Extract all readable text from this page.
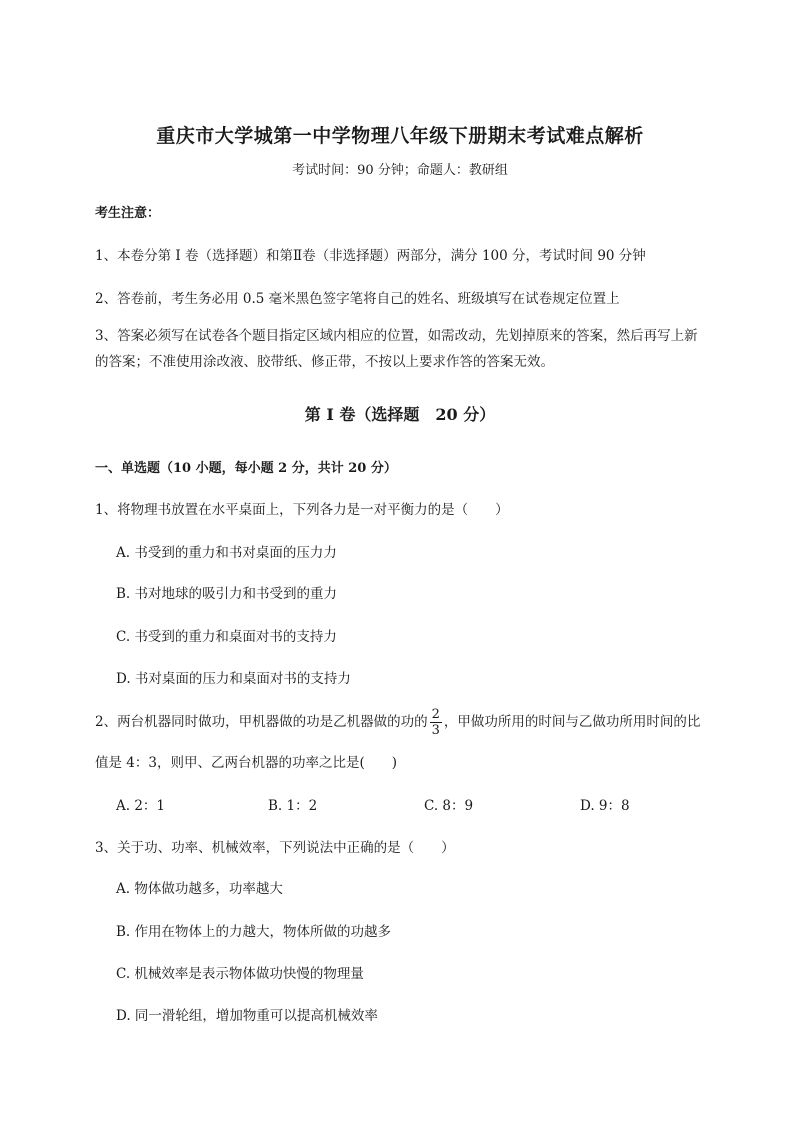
重庆市大学城第一中学物理八年级下册期末考试难点解析
考试时间：90 分钟；命题人：教研组
考生注意：
1、本卷分第 I 卷（选择题）和第Ⅱ卷（非选择题）两部分，满分 100 分，考试时间 90 分钟
2、答卷前，考生务必用 0.5 毫米黑色签字笔将自己的姓名、班级填写在试卷规定位置上
3、答案必须写在试卷各个题目指定区域内相应的位置，如需改动，先划掉原来的答案，然后再写上新的答案；不准使用涂改液、胶带纸、修正带，不按以上要求作答的答案无效。
第 I 卷（选择题　20 分）
一、单选题（10 小题，每小题 2 分，共计 20 分）
1、将物理书放置在水平桌面上，下列各力是一对平衡力的是（　　）
A. 书受到的重力和书对桌面的压力力
B. 书对地球的吸引力和书受到的重力
C. 书受到的重力和桌面对书的支持力
D. 书对桌面的压力和桌面对书的支持力
2、两台机器同时做功，甲机器做的功是乙机器做的功的 $\frac{2}{3}$ ，甲做功所用的时间与乙做功所用时间的比
值是 4：3，则甲、乙两台机器的功率之比是(　　)
A. 2：1	B. 1：2	C. 8：9	D. 9：8
3、关于功、功率、机械效率，下列说法中正确的是（　　）
A. 物体做功越多，功率越大
B. 作用在物体上的力越大，物体所做的功越多
C. 机械效率是表示物体做功快慢的物理量
D. 同一滑轮组，增加物重可以提高机械效率
